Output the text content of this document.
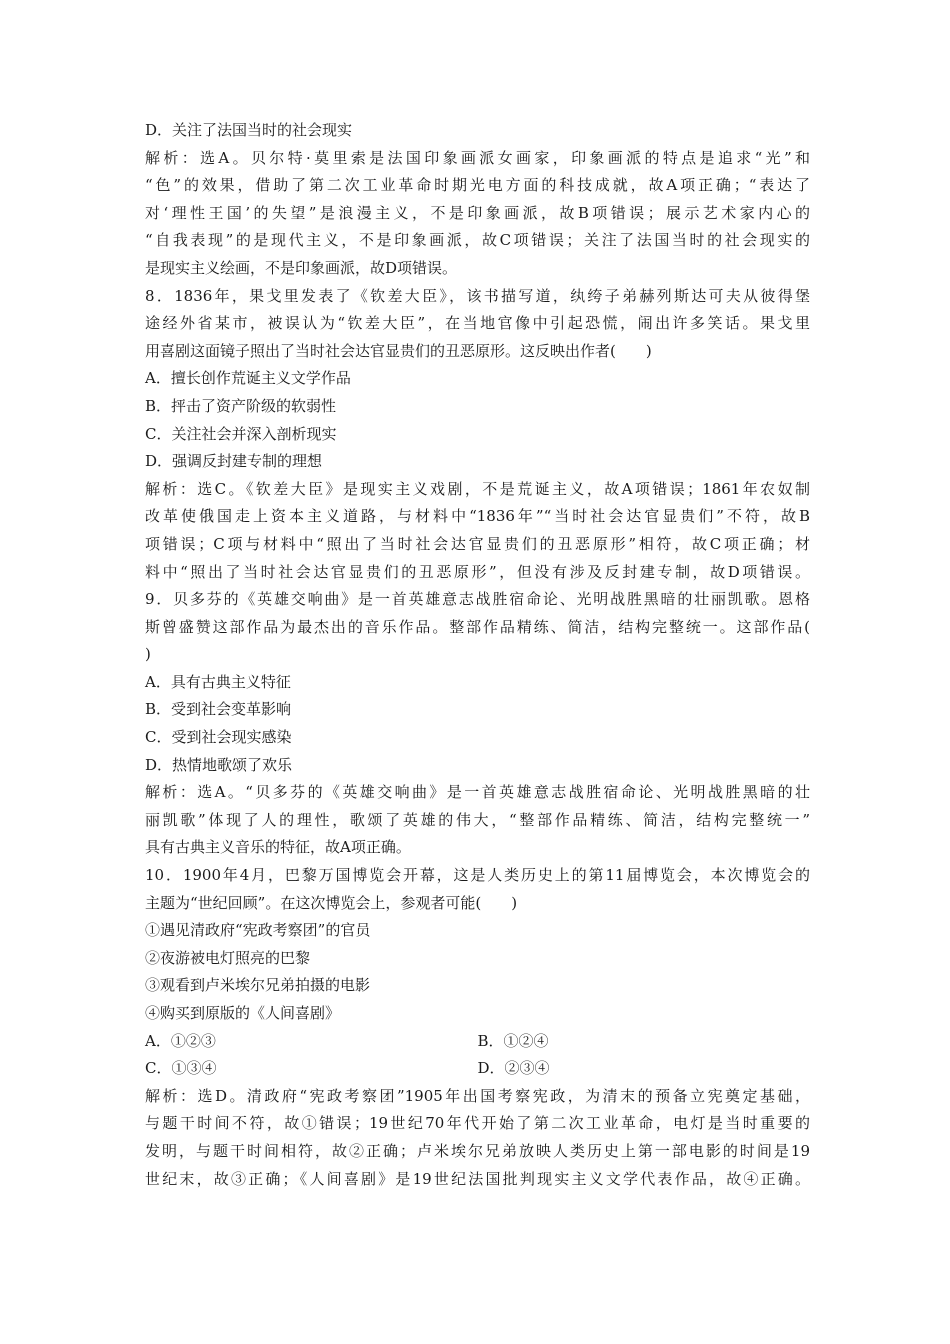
D．关注了法国当时的社会现实
解析：选A。贝尔特·莫里索是法国印象画派女画家，印象画派的特点是追求“光”和
“色”的效果，借助了第二次工业革命时期光电方面的科技成就，故A项正确；“表达了
对‘理性王国’的失望”是浪漫主义，不是印象画派，故B项错误；展示艺术家内心的
“自我表现”的是现代主义，不是印象画派，故C项错误；关注了法国当时的社会现实的
是现实主义绘画，不是印象画派，故D项错误。
8．1836年，果戈里发表了《钦差大臣》，该书描写道，纨绔子弟赫列斯达可夫从彼得堡
途经外省某市，被误认为“钦差大臣”，在当地官像中引起恐慌，闹出许多笑话。果戈里
用喜剧这面镜子照出了当时社会达官显贵们的丑恶原形。这反映出作者(　　)
A．擅长创作荒诞主义文学作品
B．抨击了资产阶级的软弱性
C．关注社会并深入剖析现实
D．强调反封建专制的理想
解析：选C。《钦差大臣》是现实主义戏剧，不是荒诞主义，故A项错误；1861年农奴制
改革使俄国走上资本主义道路，与材料中“1836年”“当时社会达官显贵们”不符，故B
项错误；C项与材料中“照出了当时社会达官显贵们的丑恶原形”相符，故C项正确；材
料中“照出了当时社会达官显贵们的丑恶原形”，但没有涉及反封建专制，故D项错误。
9．贝多芬的《英雄交响曲》是一首英雄意志战胜宿命论、光明战胜黑暗的壮丽凯歌。恩格
斯曾盛赞这部作品为最杰出的音乐作品。整部作品精练、简洁，结构完整统一。这部作品(
)
A．具有古典主义特征
B．受到社会变革影响
C．受到社会现实感染
D．热情地歌颂了欢乐
解析：选A。“贝多芬的《英雄交响曲》是一首英雄意志战胜宿命论、光明战胜黑暗的壮
丽凯歌”体现了人的理性，歌颂了英雄的伟大，“整部作品精练、简洁，结构完整统一”
具有古典主义音乐的特征，故A项正确。
10．1900年4月，巴黎万国博览会开幕，这是人类历史上的第11届博览会，本次博览会的
主题为“世纪回顾”。在这次博览会上，参观者可能(　　)
①遇见清政府“宪政考察团”的官员
②夜游被电灯照亮的巴黎
③观看到卢米埃尔兄弟拍摄的电影
④购买到原版的《人间喜剧》
A．①②③	B．①②④
C．①③④	D．②③④
解析：选D。清政府“宪政考察团”1905年出国考察宪政，为清末的预备立宪奠定基础，
与题干时间不符，故①错误；19世纪70年代开始了第二次工业革命，电灯是当时重要的
发明，与题干时间相符，故②正确；卢米埃尔兄弟放映人类历史上第一部电影的时间是19
世纪末，故③正确；《人间喜剧》是19世纪法国批判现实主义文学代表作品，故④正确。
